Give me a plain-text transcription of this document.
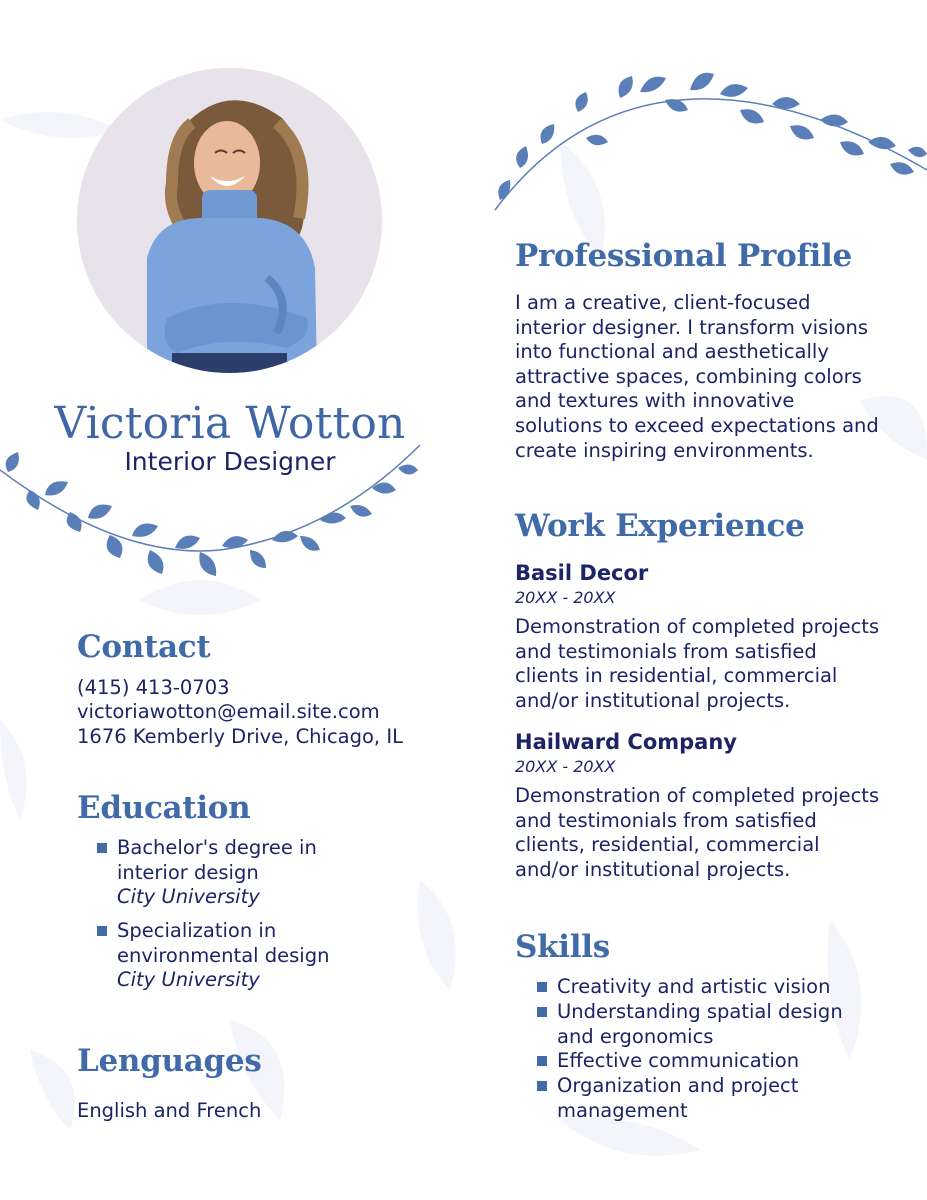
Victoria Wotton
Interior Designer
Contact
(415) 413-0703
victoriawotton@email.site.com
1676 Kemberly Drive, Chicago, IL
Education
Bachelor's degree in
interior design
City University
Specialization in
environmental design
City University
Lenguages
English and French
Professional Profile
I am a creative, client-focused
interior designer. I transform visions
into functional and aesthetically
attractive spaces, combining colors
and textures with innovative
solutions to exceed expectations and
create inspiring environments.
Work Experience
Basil Decor
20XX - 20XX
Demonstration of completed projects
and testimonials from satisfied
clients in residential, commercial
and/or institutional projects.
Hailward Company
20XX - 20XX
Demonstration of completed projects
and testimonials from satisfied
clients, residential, commercial
and/or institutional projects.
Skills
Creativity and artistic vision
Understanding spatial design
and ergonomics
Effective communication
Organization and project
management
